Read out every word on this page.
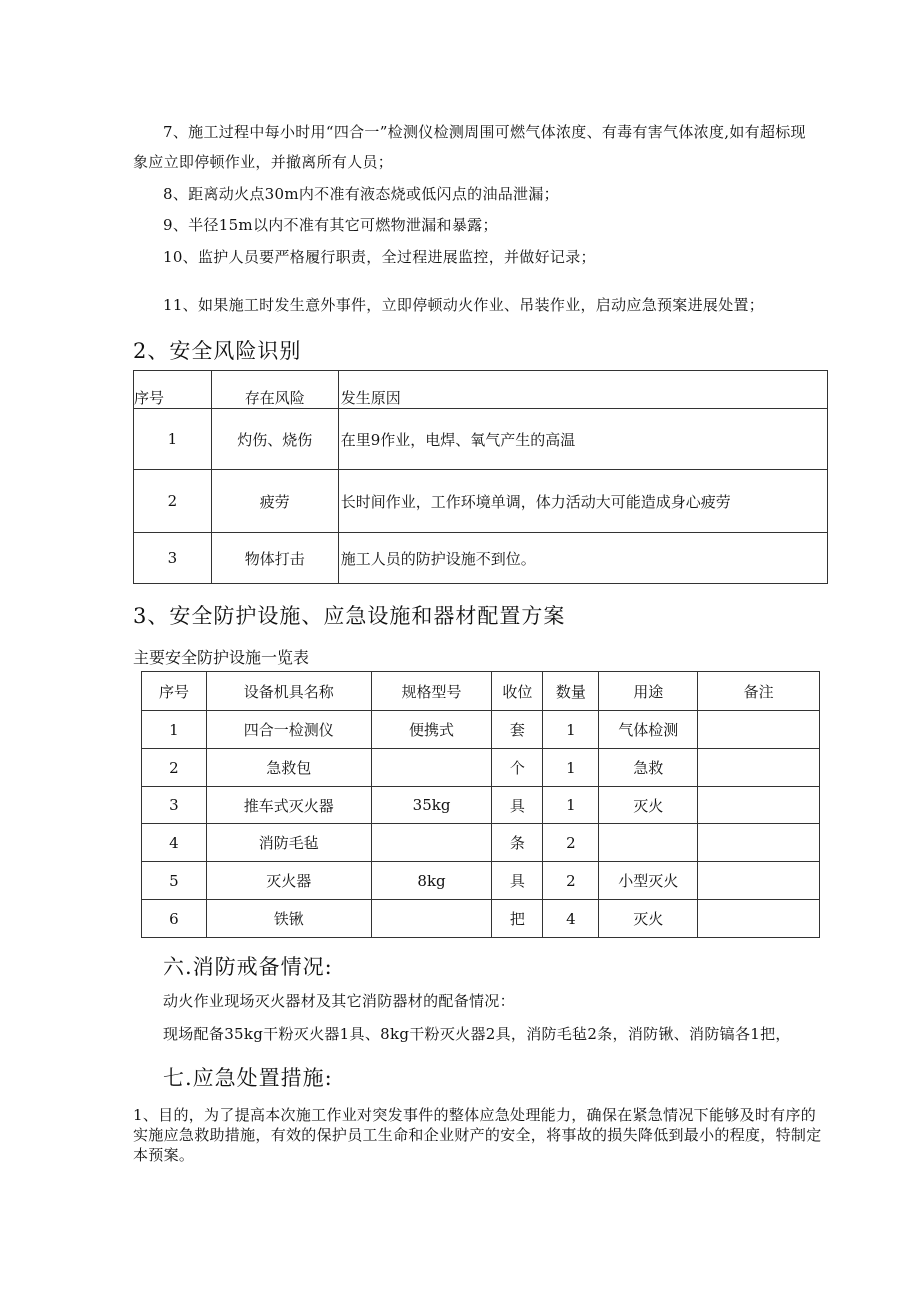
7、施工过程中每小时用“四合一”检测仪检测周围可燃气体浓度、有毒有害气体浓度,如有超标现
象应立即停顿作业，并撤离所有人员；
8、距离动火点30m内不准有液态烧或低闪点的油品泄漏；
9、半径15m以内不准有其它可燃物泄漏和暴露；
10、监护人员要严格履行职责，全过程进展监控，并做好记录；
11、如果施工时发生意外事件，立即停顿动火作业、吊装作业，启动应急预案进展处置；
2、安全风险识别
序号	存在风险	发生原因
1	灼伤、烧伤	在里9作业，电焊、氧气产生的高温
2	疲劳	长时间作业，工作环境单调，体力活动大可能造成身心疲劳
3	物体打击	施工人员的防护设施不到位。
3、安全防护设施、应急设施和器材配置方案
主要安全防护设施一览表
序号	设备机具名称	规格型号	收位	数量	用途	备注
1	四合一检测仪	便携式	套	1	气体检测	
2	急救包		个	1	急救	
3	推车式灭火器	35kg	具	1	灭火	
4	消防毛毡		条	2		
5	灭火器	8kg	具	2	小型灭火	
6	铁锹		把	4	灭火	
六.消防戒备情况:
动火作业现场灭火器材及其它消防器材的配备情况：
现场配备35kg干粉灭火器1具、8kg干粉灭火器2具，消防毛毡2条，消防锹、消防镐各1把，
七.应急处置措施:
1、目的，为了提高本次施工作业对突发事件的整体应急处理能力，确保在紧急情况下能够及时有序的
实施应急救助措施，有效的保护员工生命和企业财产的安全，将事故的损失降低到最小的程度，特制定
本预案。
